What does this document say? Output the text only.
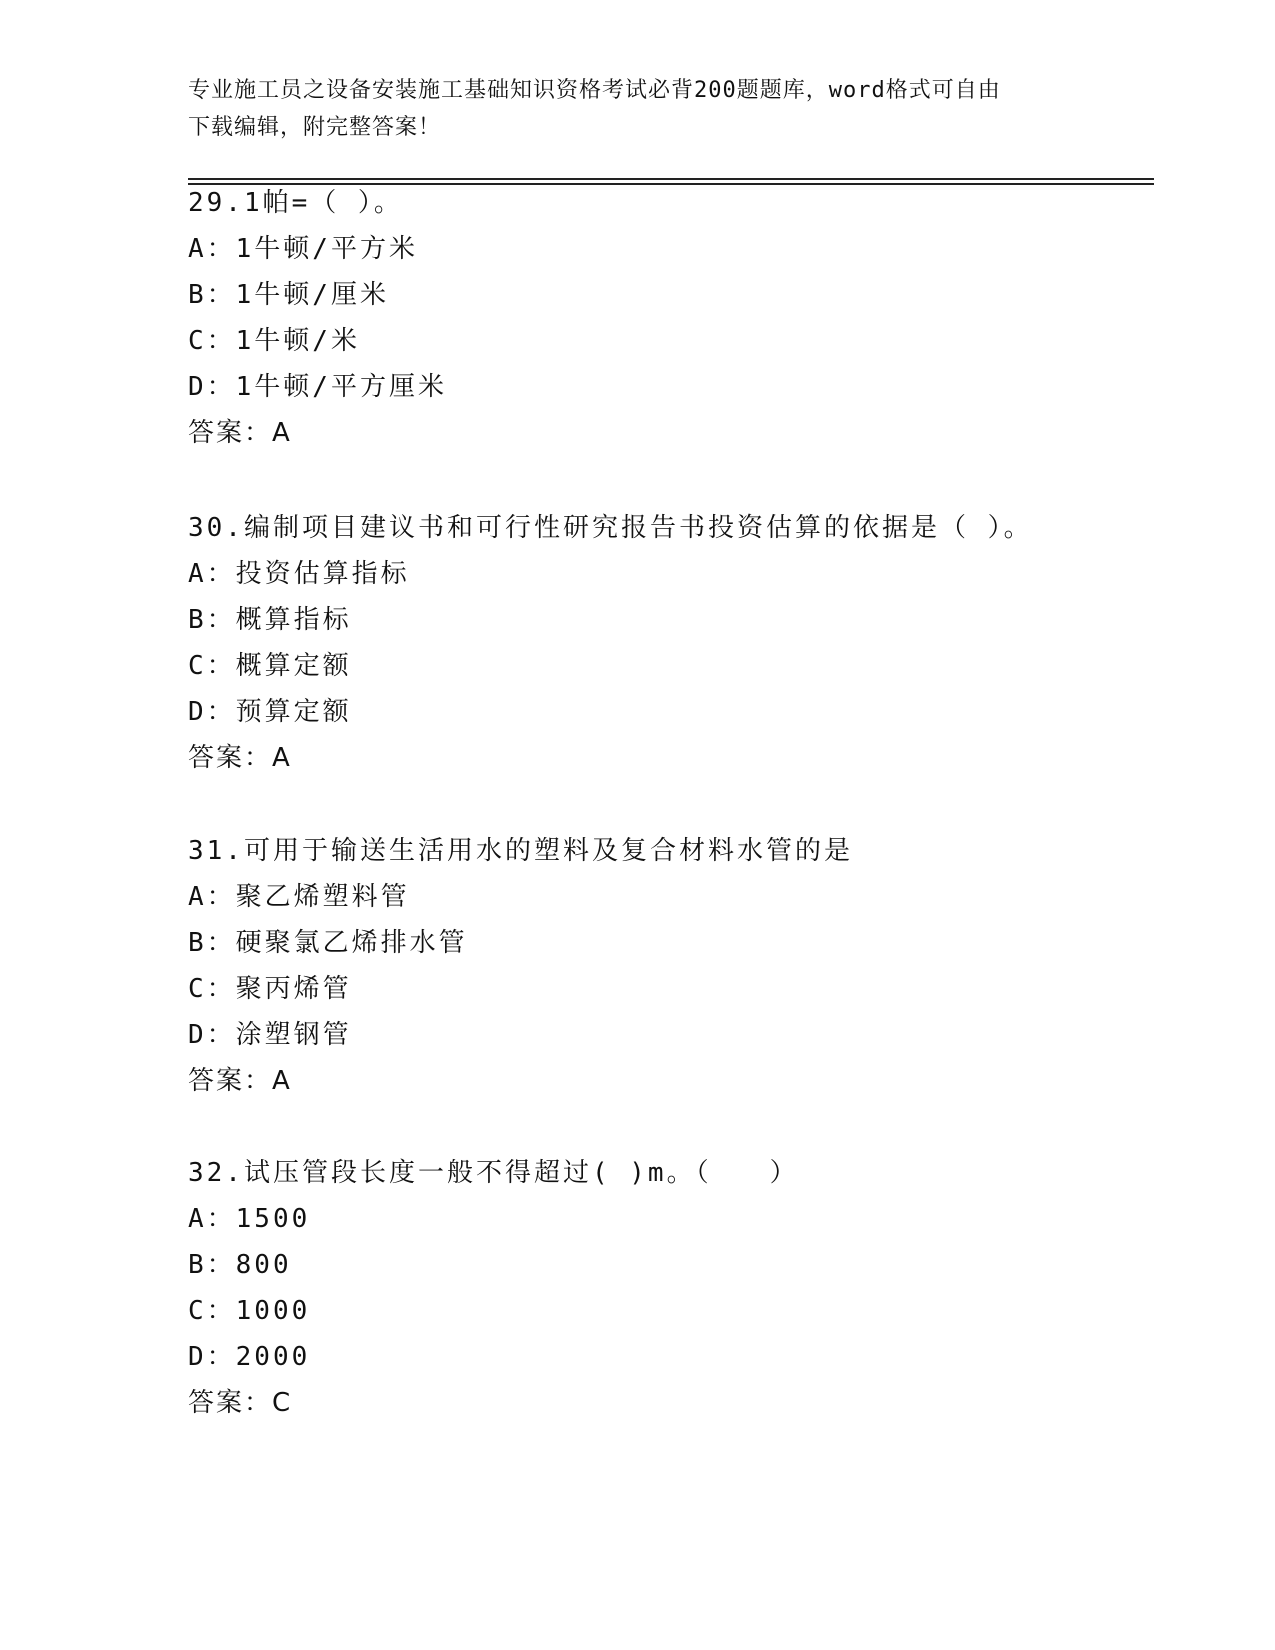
专业施工员之设备安装施工基础知识资格考试必背200题题库，word格式可自由
下载编辑，附完整答案！
29.1帕=（ ）。
A：1牛顿/平方米
B：1牛顿/厘米
C：1牛顿/米
D：1牛顿/平方厘米
答案：A
30.编制项目建议书和可行性研究报告书投资估算的依据是（ ）。
A：投资估算指标
B：概算指标
C：概算定额
D：预算定额
答案：A
31.可用于输送生活用水的塑料及复合材料水管的是
A：聚乙烯塑料管
B：硬聚氯乙烯排水管
C：聚丙烯管
D：涂塑钢管
答案：A
32.试压管段长度一般不得超过( )m。（　　）
A：1500
B：800
C：1000
D：2000
答案：C
